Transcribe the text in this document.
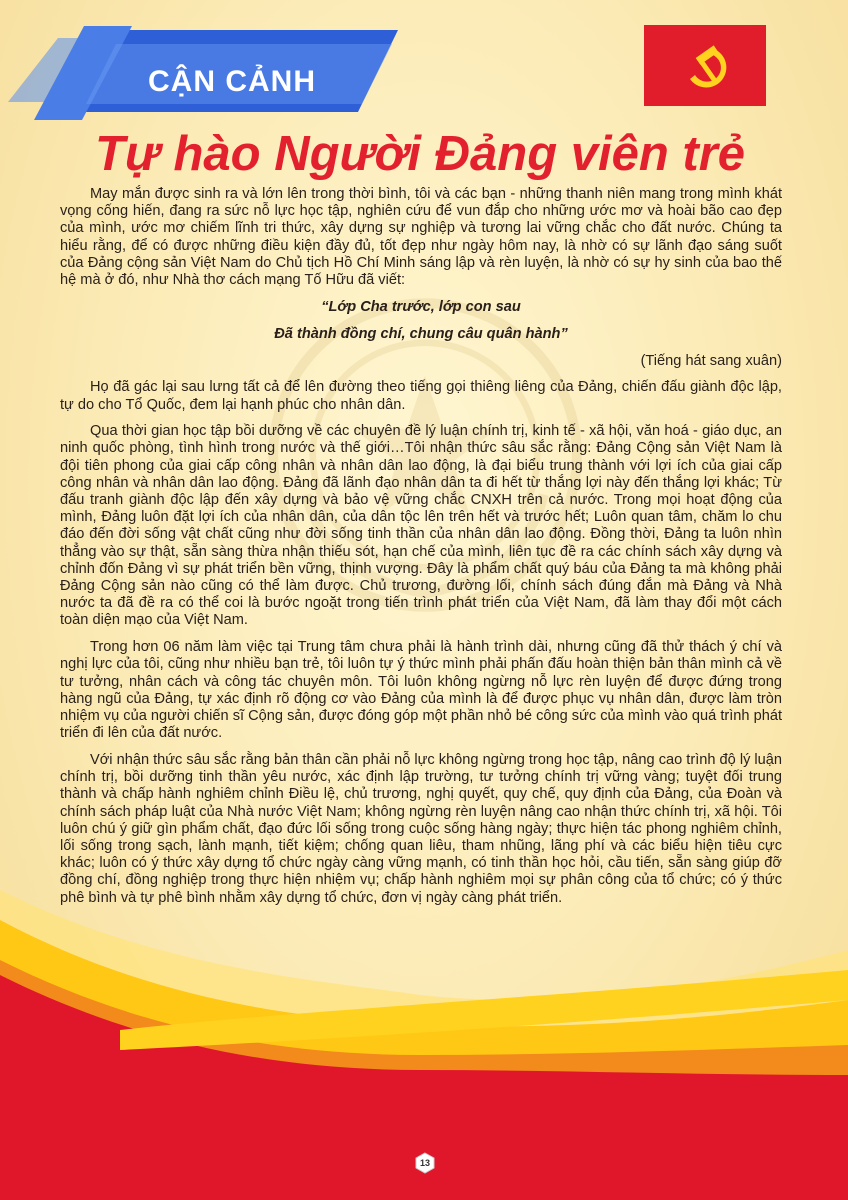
CẬN CẢNH
Tự hào Người Đảng viên trẻ

May mắn được sinh ra và lớn lên trong thời bình, tôi và các bạn - những thanh niên mang trong mình khát vọng cống hiến, đang ra sức nỗ lực học tập, nghiên cứu để vun đắp cho những ước mơ và hoài bão cao đẹp của mình, ước mơ chiếm lĩnh tri thức, xây dựng sự nghiệp và tương lai vững chắc cho đất nước. Chúng ta hiểu rằng, để có được những điều kiện đầy đủ, tốt đẹp như ngày hôm nay, là nhờ có sự lãnh đạo sáng suốt của Đảng cộng sản Việt Nam do Chủ tịch Hồ Chí Minh sáng lập và rèn luyện, là nhờ có sự hy sinh của bao thế hệ mà ở đó, như Nhà thơ cách mạng Tố Hữu đã viết:

“Lớp Cha trước, lớp con sau

Đã thành đồng chí, chung câu quân hành”

(Tiếng hát sang xuân)

Họ đã gác lại sau lưng tất cả để lên đường theo tiếng gọi thiêng liêng của Đảng, chiến đấu giành độc lập, tự do cho Tổ Quốc, đem lại hạnh phúc cho nhân dân.

Qua thời gian học tập bồi dưỡng về các chuyên đề lý luận chính trị, kinh tế - xã hội, văn hoá - giáo dục, an ninh quốc phòng, tình hình trong nước và thế giới…Tôi nhận thức sâu sắc rằng: Đảng Cộng sản Việt Nam là đội tiên phong của giai cấp công nhân và nhân dân lao động, là đại biểu trung thành với lợi ích của giai cấp công nhân và nhân dân lao động. Đảng đã lãnh đạo nhân dân ta đi hết từ thắng lợi này đến thắng lợi khác; Từ đấu tranh giành độc lập đến xây dựng và bảo vệ vững chắc CNXH trên cả nước. Trong mọi hoạt động của mình, Đảng luôn đặt lợi ích của nhân dân, của dân tộc lên trên hết và trước hết; Luôn quan tâm, chăm lo chu đáo đến đời sống vật chất cũng như đời sống tinh thần của nhân dân lao động. Đồng thời, Đảng ta luôn nhìn thẳng vào sự thật, sẵn sàng thừa nhận thiếu sót, hạn chế của mình, liên tục đề ra các chính sách xây dựng và chỉnh đốn Đảng vì sự phát triển bền vững, thịnh vượng. Đây là phẩm chất quý báu của Đảng ta mà không phải Đảng Cộng sản nào cũng có thể làm được. Chủ trương, đường lối, chính sách đúng đắn mà Đảng và Nhà nước ta đã đề ra có thể coi là bước ngoặt trong tiến trình phát triển của Việt Nam, đã làm thay đổi một cách toàn diện mạo của Việt Nam.

Trong hơn 06 năm làm việc tại Trung tâm chưa phải là hành trình dài, nhưng cũng đã thử thách ý chí và nghị lực của tôi, cũng như nhiều bạn trẻ, tôi luôn tự ý thức mình phải phấn đấu hoàn thiện bản thân mình cả về tư tưởng, nhân cách và công tác chuyên môn. Tôi luôn không ngừng nỗ lực rèn luyện để được đứng trong hàng ngũ của Đảng, tự xác định rõ động cơ vào Đảng của mình là để được phục vụ nhân dân, được làm tròn nhiệm vụ của người chiến sĩ Cộng sản, được đóng góp một phần nhỏ bé công sức của mình vào quá trình phát triển đi lên của đất nước.

Với nhận thức sâu sắc rằng bản thân cần phải nỗ lực không ngừng trong học tập, nâng cao trình độ lý luận chính trị, bồi dưỡng tinh thần yêu nước, xác định lập trường, tư tưởng chính trị vững vàng; tuyệt đối trung thành và chấp hành nghiêm chỉnh Điều lệ, chủ trương, nghị quyết, quy chế, quy định của Đảng, của Đoàn và chính sách pháp luật của Nhà nước Việt Nam; không ngừng rèn luyện nâng cao nhận thức chính trị, xã hội. Tôi luôn chú ý giữ gìn phẩm chất, đạo đức lối sống trong cuộc sống hàng ngày; thực hiện tác phong nghiêm chỉnh, lối sống trong sạch, lành mạnh, tiết kiệm; chống quan liêu, tham nhũng, lãng phí và các biểu hiện tiêu cực khác; luôn có ý thức xây dựng tổ chức ngày càng vững mạnh, có tinh thần học hỏi, cầu tiến, sẵn sàng giúp đỡ đồng chí, đồng nghiệp trong thực hiện nhiệm vụ; chấp hành nghiêm mọi sự phân công của tổ chức; có ý thức phê bình và tự phê bình nhằm xây dựng tổ chức, đơn vị ngày càng phát triển.

13
